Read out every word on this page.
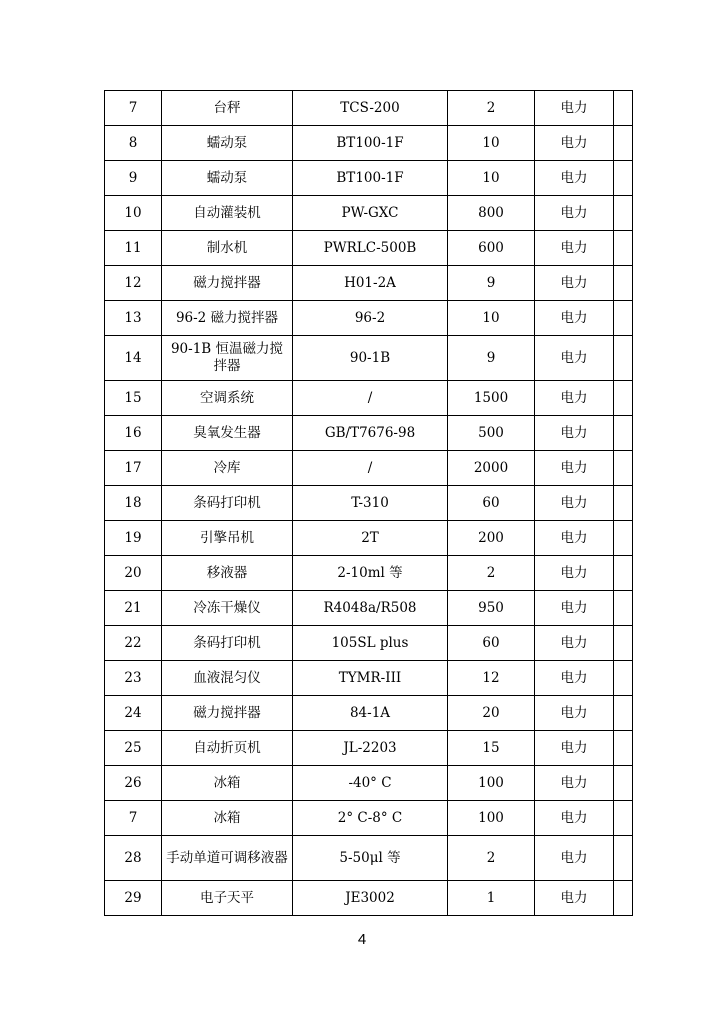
7	台秤	TCS-200	2	电力	
8	蠕动泵	BT100-1F	10	电力	
9	蠕动泵	BT100-1F	10	电力	
10	自动灌装机	PW-GXC	800	电力	
11	制水机	PWRLC-500B	600	电力	
12	磁力搅拌器	H01-2A	9	电力	
13	96-2 磁力搅拌器	96-2	10	电力	
14	90-1B 恒温磁力搅拌器	90-1B	9	电力	
15	空调系统	/	1500	电力	
16	臭氧发生器	GB/T7676-98	500	电力	
17	冷库	/	2000	电力	
18	条码打印机	T-310	60	电力	
19	引擎吊机	2T	200	电力	
20	移液器	2-10ml 等	2	电力	
21	冷冻干燥仪	R4048a/R508	950	电力	
22	条码打印机	105SL plus	60	电力	
23	血液混匀仪	TYMR-III	12	电力	
24	磁力搅拌器	84-1A	20	电力	
25	自动折页机	JL-2203	15	电力	
26	冰箱	-40° C	100	电力	
7	冰箱	2° C-8° C	100	电力	
28	手动单道可调移液器	5-50μl 等	2	电力	
29	电子天平	JE3002	1	电力	
4
